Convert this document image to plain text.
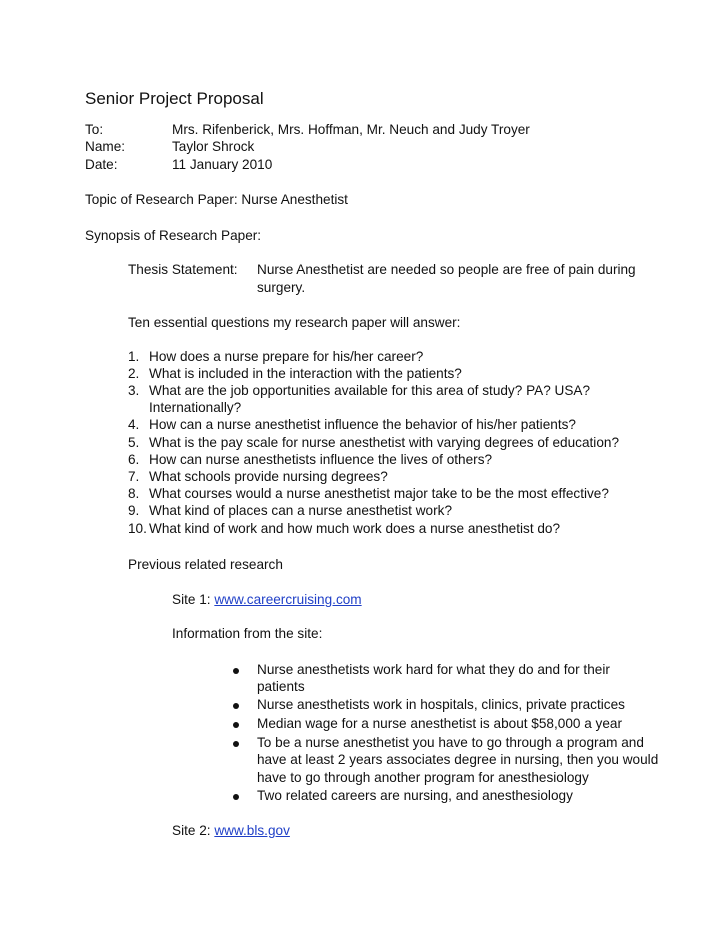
Senior Project Proposal
To:	Mrs. Rifenberick, Mrs. Hoffman, Mr. Neuch and Judy Troyer
Name:	Taylor Shrock
Date:	11 January 2010
Topic of Research Paper: Nurse Anesthetist
Synopsis of Research Paper:
Thesis Statement: Nurse Anesthetist are needed so people are free of pain during
surgery.
Ten essential questions my research paper will answer:
1. How does a nurse prepare for his/her career?
2. What is included in the interaction with the patients?
3. What are the job opportunities available for this area of study? PA? USA?
Internationally?
4. How can a nurse anesthetist influence the behavior of his/her patients?
5. What is the pay scale for nurse anesthetist with varying degrees of education?
6. How can nurse anesthetists influence the lives of others?
7. What schools provide nursing degrees?
8. What courses would a nurse anesthetist major take to be the most effective?
9. What kind of places can a nurse anesthetist work?
10. What kind of work and how much work does a nurse anesthetist do?
Previous related research
Site 1: www.careercruising.com
Information from the site:
Nurse anesthetists work hard for what they do and for their
patients
Nurse anesthetists work in hospitals, clinics, private practices
Median wage for a nurse anesthetist is about $58,000 a year
To be a nurse anesthetist you have to go through a program and
have at least 2 years associates degree in nursing, then you would
have to go through another program for anesthesiology
Two related careers are nursing, and anesthesiology
Site 2: www.bls.gov
